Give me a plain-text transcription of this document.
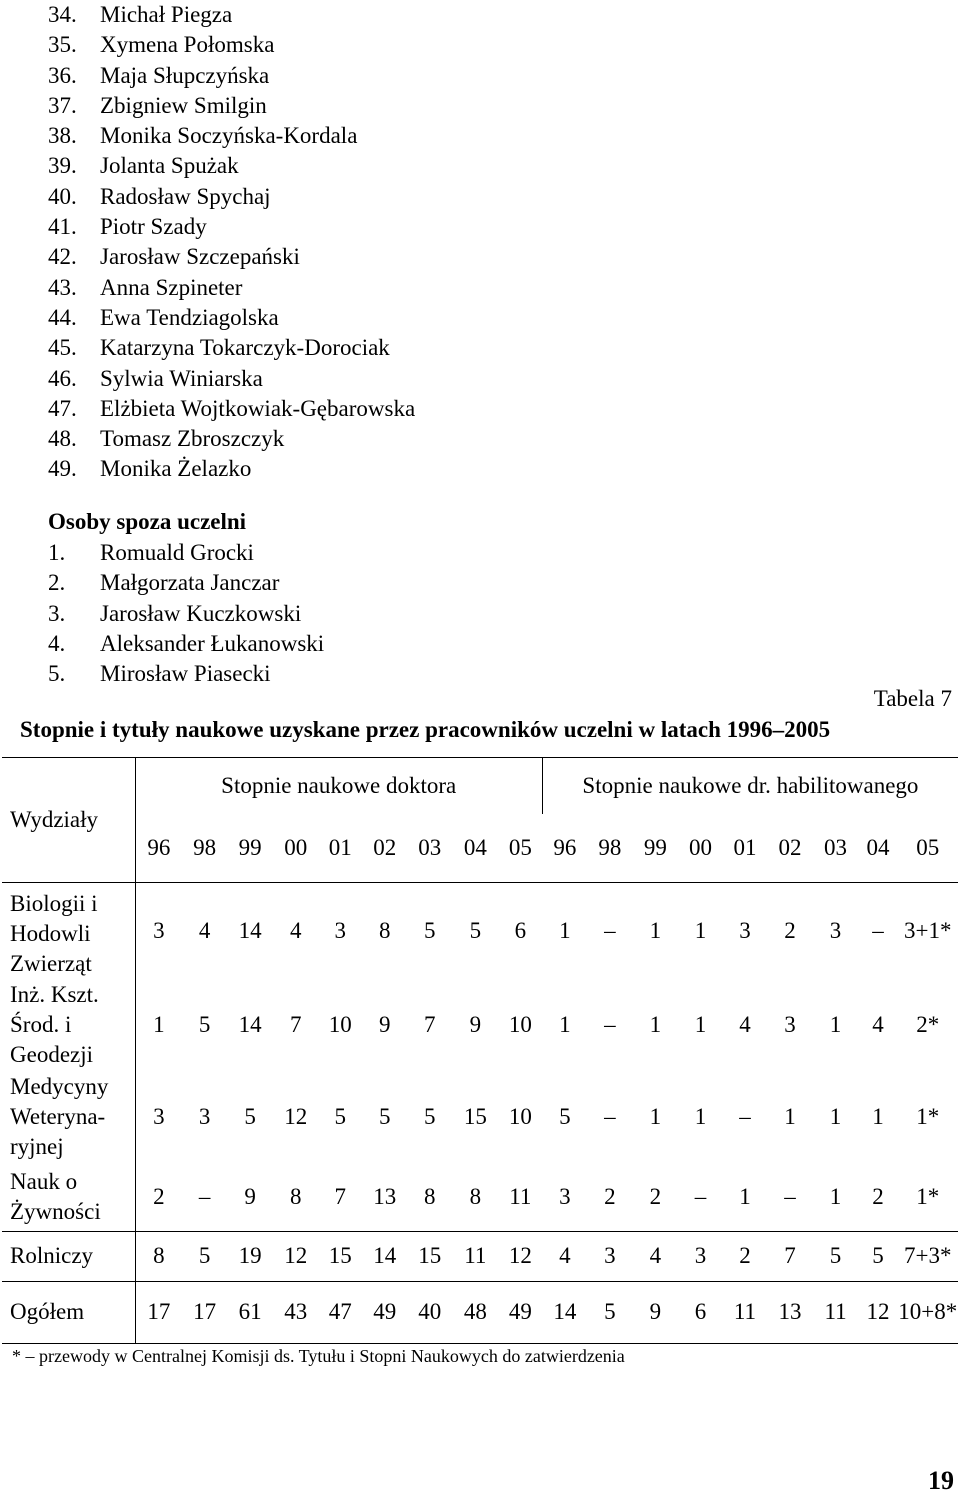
34. Michał Piegza
35. Xymena Połomska
36. Maja Słupczyńska
37. Zbigniew Smilgin
38. Monika Soczyńska-Kordala
39. Jolanta Spużak
40. Radosław Spychaj
41. Piotr Szady
42. Jarosław Szczepański
43. Anna Szpineter
44. Ewa Tendziagolska
45. Katarzyna Tokarczyk-Dorociak
46. Sylwia Winiarska
47. Elżbieta Wojtkowiak-Gębarowska
48. Tomasz Zbroszczyk
49. Monika Żelazko
Osoby spoza uczelni
1. Romuald Grocki
2. Małgorzata Janczar
3. Jarosław Kuczkowski
4. Aleksander Łukanowski
5. Mirosław Piasecki
Tabela 7
Stopnie i tytuły naukowe uzyskane przez pracowników uczelni w latach 1996–2005
Wydziały	Stopnie naukowe doktora									Stopnie naukowe dr. habilitowanego								
	96	98	99	00	01	02	03	04	05	96	98	99	00	01	02	03	04	05

Biologii i
Hodowli
Zwierząt	3	4	14	4	3	8	5	5	6	1	–	1	1	3	2	3	–	3+1*

Inż. Kszt.
Środ. i
Geodezji	1	5	14	7	10	9	7	9	10	1	–	1	1	4	3	1	4	2*

Medycyny
Weteryna-
ryjnej	3	3	5	12	5	5	5	15	10	5	–	1	1	–	1	1	1	1*

Nauk o
Żywności	2	–	9	8	7	13	8	8	11	3	2	2	–	1	–	1	2	1*

Rolniczy	8	5	19	12	15	14	15	11	12	4	3	4	3	2	7	5	5	7+3*
Ogółem	17	17	61	43	47	49	40	48	49	14	5	9	6	11	13	11	12	10+8*
* – przewody w Centralnej Komisji ds. Tytułu i Stopni Naukowych do zatwierdzenia
19
